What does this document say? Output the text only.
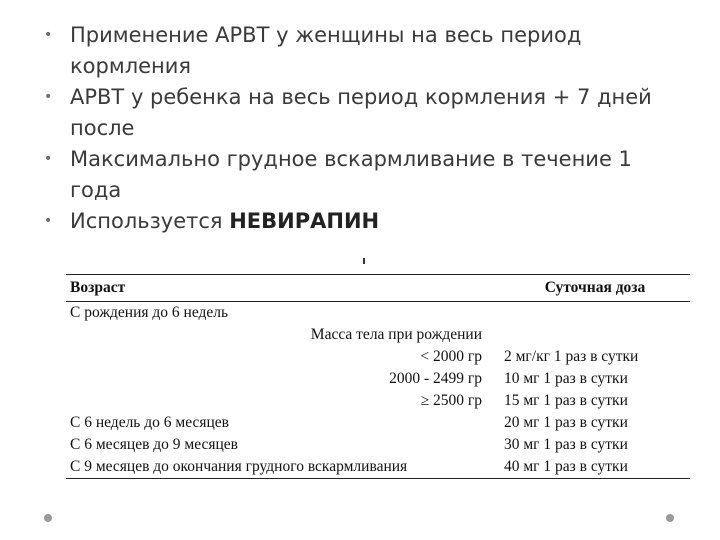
• Применение АРВТ у женщины на весь период кормления
• АРВТ у ребенка на весь период кормления + 7 дней после
• Максимально грудное вскармливание в течение 1 года
• Используется НЕВИРАПИН
Возраст		Суточная доза
С рождения до 6 недель		
Масса тела при рождении		
	< 2000 гр	2 мг/кг 1 раз в сутки
	2000 - 2499 гр	10 мг 1 раз в сутки
	≥ 2500 гр	15 мг 1 раз в сутки
С 6 недель до 6 месяцев		20 мг 1 раз в сутки
С 6 месяцев до 9 месяцев		30 мг 1 раз в сутки
С 9 месяцев до окончания грудного вскармливания		40 мг 1 раз в сутки
